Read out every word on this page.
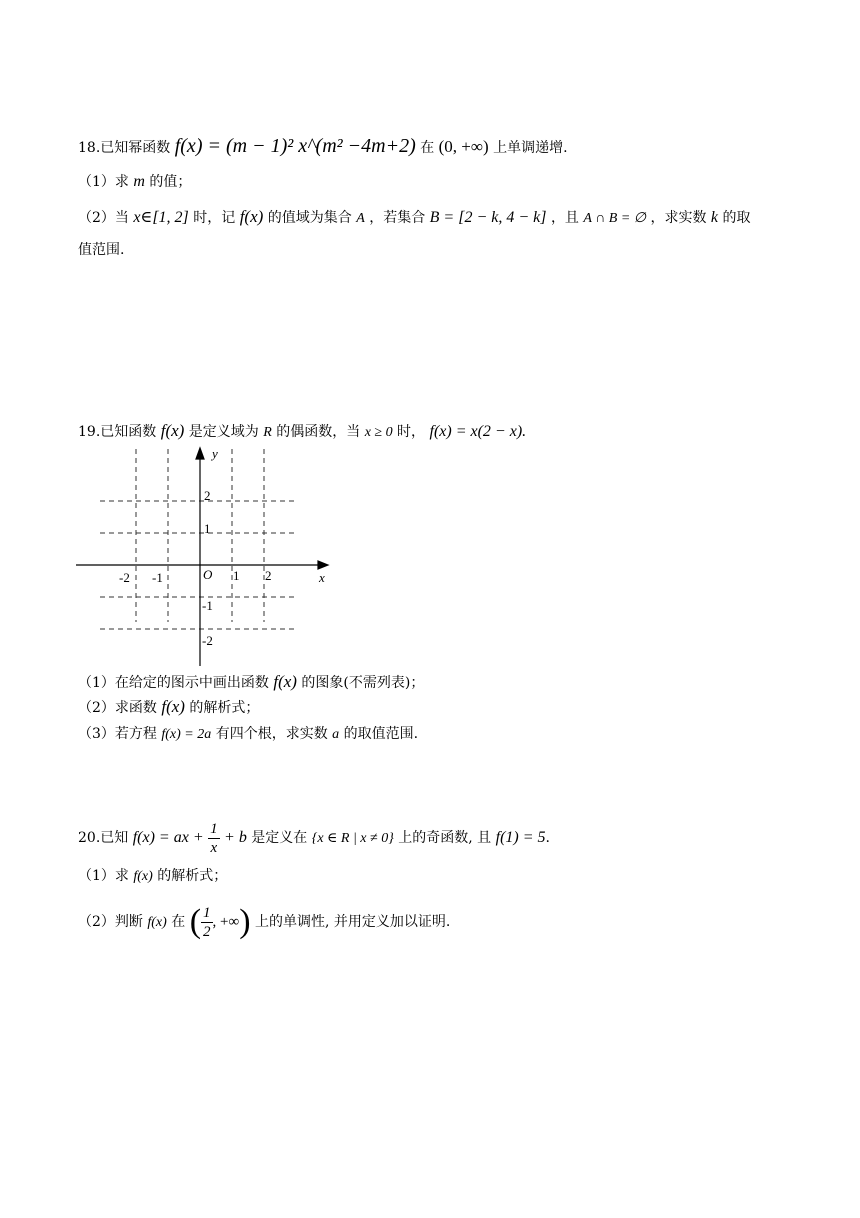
18.已知幂函数 f(x) = (m − 1)² x^(m² −4m+2) 在 (0, +∞) 上单调递增.
（1）求 m 的值；
（2）当 x∈[1, 2] 时，记 f(x) 的值域为集合 A ，若集合 B = [2 − k, 4 − k] ，且 A ∩ B = ∅ ，求实数 k 的取
值范围.
19.已知函数 f(x) 是定义域为 R 的偶函数，当 x ≥ 0 时， f(x) = x(2 − x).
y
x
O
-2 -1	1 2
2
1
-1
-2
（1）在给定的图示中画出函数 f(x) 的图象(不需列表)；
（2）求函数 f(x) 的解析式；
（3）若方程 f(x) = 2a 有四个根，求实数 a 的取值范围.
20.已知 f(x) = ax + $\frac{1}{x} + b$ 是定义在 {x ∈ R | x ≠ 0} 上的奇函数, 且 f(1) = 5.
（1）求 f(x) 的解析式；
（2）判断 f(x) 在 ( $\frac{1}{2}$ , +∞) 上的单调性, 并用定义加以证明.
